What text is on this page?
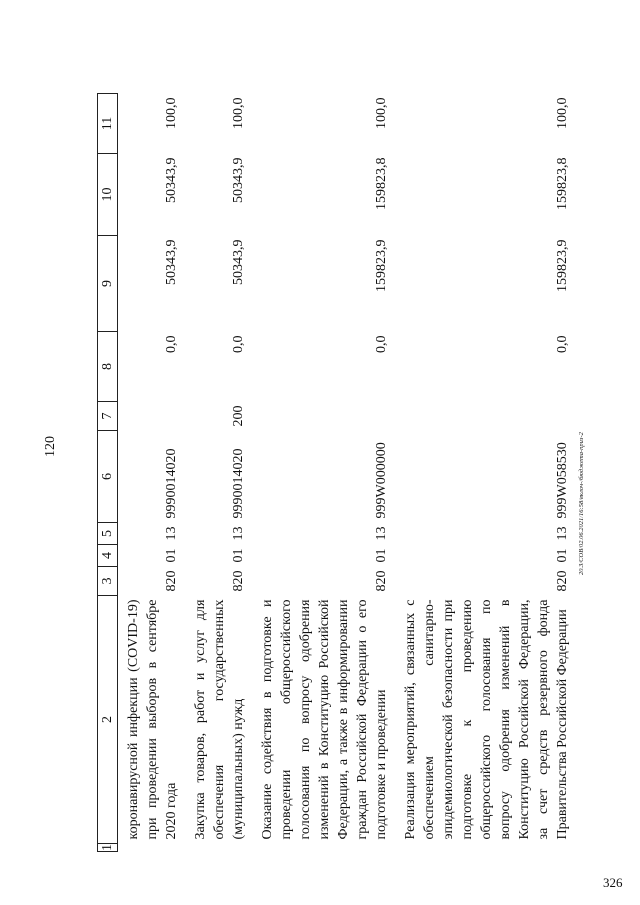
120
1	2	3	4	5	6	7	8	9	10	11
	коронавирусной инфекции (COVID-19) при проведении выборов в сентябре 2020 года	820	01	13	9990014020		0,0	50343,9	50343,9	100,0
	Закупка товаров, работ и услуг для обеспечения государственных (муниципальных) нужд	820	01	13	9990014020	200	0,0	50343,9	50343,9	100,0
	Оказание содействия в подготовке и проведении общероссийского голосования по вопросу одобрения изменений в Конституцию Российской Федерации, а также в информировании граждан Российской Федерации о его подготовке и проведении	820	01	13	999W000000		0,0	159823,9	159823,8	100,0
	Реализация мероприятий, связанных с обеспечением санитарно-эпидемиологической безопасности при подготовке к проведению общероссийского голосования по вопросу одобрения изменений в Конституцию Российской Федерации, за счет средств резервного фонда Правительства Российской Федерации	820	01	13	999W058530		0,0	159823,9	159823,8	100,0
20.3/СОВ/02.06.2021/16:58/вклоч-/бюджета-приз-2
326
